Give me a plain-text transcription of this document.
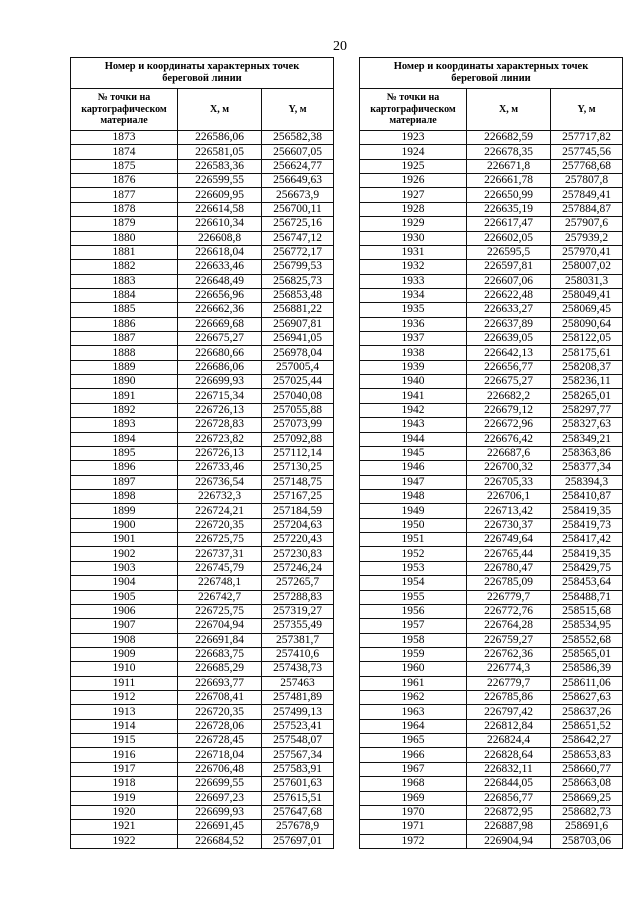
20
Номер и координаты характерных точек
береговой линии
№ точки на картографическом материале
X, м	Y, м
1873	226586,06	256582,38
1874	226581,05	256607,05
1875	226583,36	256624,77
1876	226599,55	256649,63
1877	226609,95	256673,9
1878	226614,58	256700,11
1879	226610,34	256725,16
1880	226608,8	256747,12
1881	226618,04	256772,17
1882	226633,46	256799,53
1883	226648,49	256825,73
1884	226656,96	256853,48
1885	226662,36	256881,22
1886	226669,68	256907,81
1887	226675,27	256941,05
1888	226680,66	256978,04
1889	226686,06	257005,4
1890	226699,93	257025,44
1891	226715,34	257040,08
1892	226726,13	257055,88
1893	226728,83	257073,99
1894	226723,82	257092,88
1895	226726,13	257112,14
1896	226733,46	257130,25
1897	226736,54	257148,75
1898	226732,3	257167,25
1899	226724,21	257184,59
1900	226720,35	257204,63
1901	226725,75	257220,43
1902	226737,31	257230,83
1903	226745,79	257246,24
1904	226748,1	257265,7
1905	226742,7	257288,83
1906	226725,75	257319,27
1907	226704,94	257355,49
1908	226691,84	257381,7
1909	226683,75	257410,6
1910	226685,29	257438,73
1911	226693,77	257463
1912	226708,41	257481,89
1913	226720,35	257499,13
1914	226728,06	257523,41
1915	226728,45	257548,07
1916	226718,04	257567,34
1917	226706,48	257583,91
1918	226699,55	257601,63
1919	226697,23	257615,51
1920	226699,93	257647,68
1921	226691,45	257678,9
1922	226684,52	257697,01
Номер и координаты характерных точек
береговой линии
№ точки на картографическом материале
X, м	Y, м
1923	226682,59	257717,82
1924	226678,35	257745,56
1925	226671,8	257768,68
1926	226661,78	257807,8
1927	226650,99	257849,41
1928	226635,19	257884,87
1929	226617,47	257907,6
1930	226602,05	257939,2
1931	226595,5	257970,41
1932	226597,81	258007,02
1933	226607,06	258031,3
1934	226622,48	258049,41
1935	226633,27	258069,45
1936	226637,89	258090,64
1937	226639,05	258122,05
1938	226642,13	258175,61
1939	226656,77	258208,37
1940	226675,27	258236,11
1941	226682,2	258265,01
1942	226679,12	258297,77
1943	226672,96	258327,63
1944	226676,42	258349,21
1945	226687,6	258363,86
1946	226700,32	258377,34
1947	226705,33	258394,3
1948	226706,1	258410,87
1949	226713,42	258419,35
1950	226730,37	258419,73
1951	226749,64	258417,42
1952	226765,44	258419,35
1953	226780,47	258429,75
1954	226785,09	258453,64
1955	226779,7	258488,71
1956	226772,76	258515,68
1957	226764,28	258534,95
1958	226759,27	258552,68
1959	226762,36	258565,01
1960	226774,3	258586,39
1961	226779,7	258611,06
1962	226785,86	258627,63
1963	226797,42	258637,26
1964	226812,84	258651,52
1965	226824,4	258642,27
1966	226828,64	258653,83
1967	226832,11	258660,77
1968	226844,05	258663,08
1969	226856,77	258669,25
1970	226872,95	258682,73
1971	226887,98	258691,6
1972	226904,94	258703,06
